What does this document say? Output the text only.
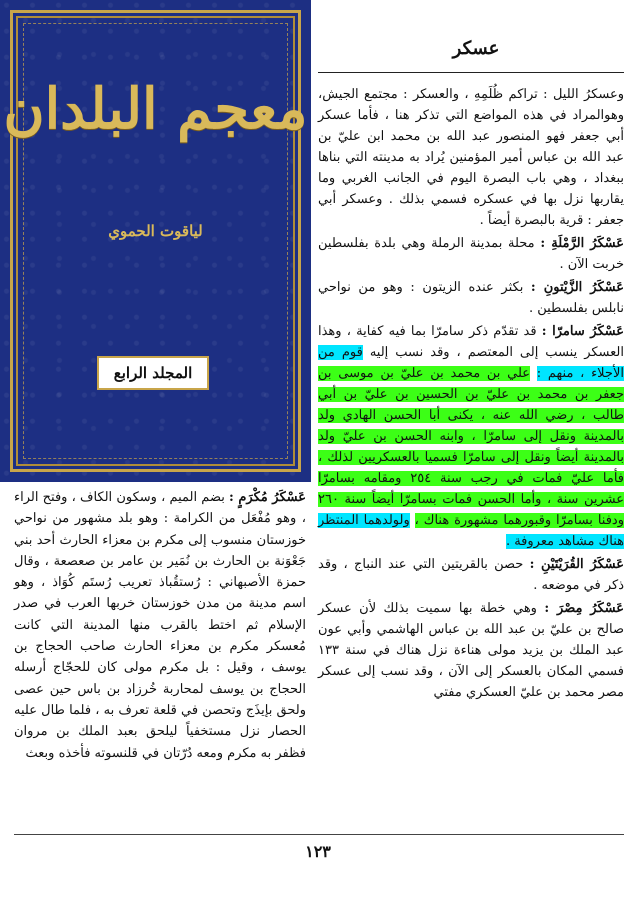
معجم البلدان
لياقوت الحموي
المجلد الرابع
عسكر

وعسكرُ الليل : تراكم ظُلَمِهِ ، والعسكر : مجتمع الجيش، وهوالمراد في هذه المواضع التي تذكر هنا ، فأما عسكر أبي جعفر فهو المنصور عبد الله بن محمد ابن عليّ بن عبد الله بن عباس أمير المؤمنين يُراد به مدينته التي بناها ببغداد ، وهي باب البصرة اليوم في الجانب الغربي وما يقاربها نزل بها في عسكره فسمي بذلك . وعسكر أبي جعفر : قرية بالبصرة أيضاً .

عَسْكَرُ الرَّمْلَةِ : محلة بمدينة الرملة وهي بلدة بفلسطين خربت الآن .

عَسْكَرُ الزَّيْتونِ : بكثر عنده الزيتون : وهو من نواحي نابلس بفلسطين .

عَسْكَرُ سامرّا : قد تقدّم ذكر سامرّا بما فيه كفاية ، وهذا العسكر ينسب إلى المعتصم ، وقد نسب إليه قوم من الأجلاء ، منهم : علي بن محمد بن عليّ بن موسى بن جعفر بن محمد بن عليّ بن الحسين بن عليّ بن أبي طالب ، رضي الله عنه ، يكنى أبا الحسن الهادي ولد بالمدينة ونقل إلى سامرّا ، وابنه الحسن بن عليّ ولد بالمدينة أيضاً ونقل إلى سامرّا فسميا بالعسكريين لذلك ، فأما عليّ فمات في رجب سنة ٢٥٤ ومقامه بسامرّا عشرين سنة ، وأما الحسن فمات بسامرّا أيضاً سنة ٢٦٠ ودفنا بسامرّا وقبورهما مشهورة هناك ، ولولدهما المنتظر هناك مشاهد معروفة .

عَسْكَرُ القُرَيْتَيْنِ : حصن بالقريتين التي عند النباج ، وقد ذكر في موضعه .

عَسْكَرُ مِصْرَ : وهي خطة بها سميت بذلك لأن عسكر صالح بن عليّ بن عبد الله بن عباس الهاشمي وأبي عون عبد الملك بن يزيد مولى هناءة نزل هناك في سنة ١٣٣ فسمي المكان بالعسكر إلى الآن ، وقد نسب إلى عسكر مصر محمد بن عليّ العسكري مفتي

عَسْكَرُ مُكْرَمٍ : بضم الميم ، وسكون الكاف ، وفتح الراء ، وهو مُفْعَل من الكرامة : وهو بلد مشهور من نواحي خوزستان منسوب إلى مكرم بن معزاء الحارث أحد بني جَعْوَنة بن الحارث بن نُمَير بن عامر بن صعصعة ، وقال حمزة الأصبهاني : رُستقُباذ تعريب رُستَم كُوَاذ ، وهو اسم مدينة من مدن خوزستان خربها العرب في صدر الإسلام ثم اختط بالقرب منها المدينة التي كانت مُعسكر مكرم بن معزاء الحارث صاحب الحجاج بن يوسف ، وقيل : بل مكرم مولى كان للحجّاج أرسله الحجاج بن يوسف لمحاربة خُرزاد بن باس حين عصى ولحق بإيذَج وتحصن في قلعة تعرف به ، فلما طال عليه الحصار نزل مستخفياً ليلحق بعبد الملك بن مروان فظفر به مكرم ومعه دُرّتان في قلنسوته فأخذه وبعث

١٢٣
